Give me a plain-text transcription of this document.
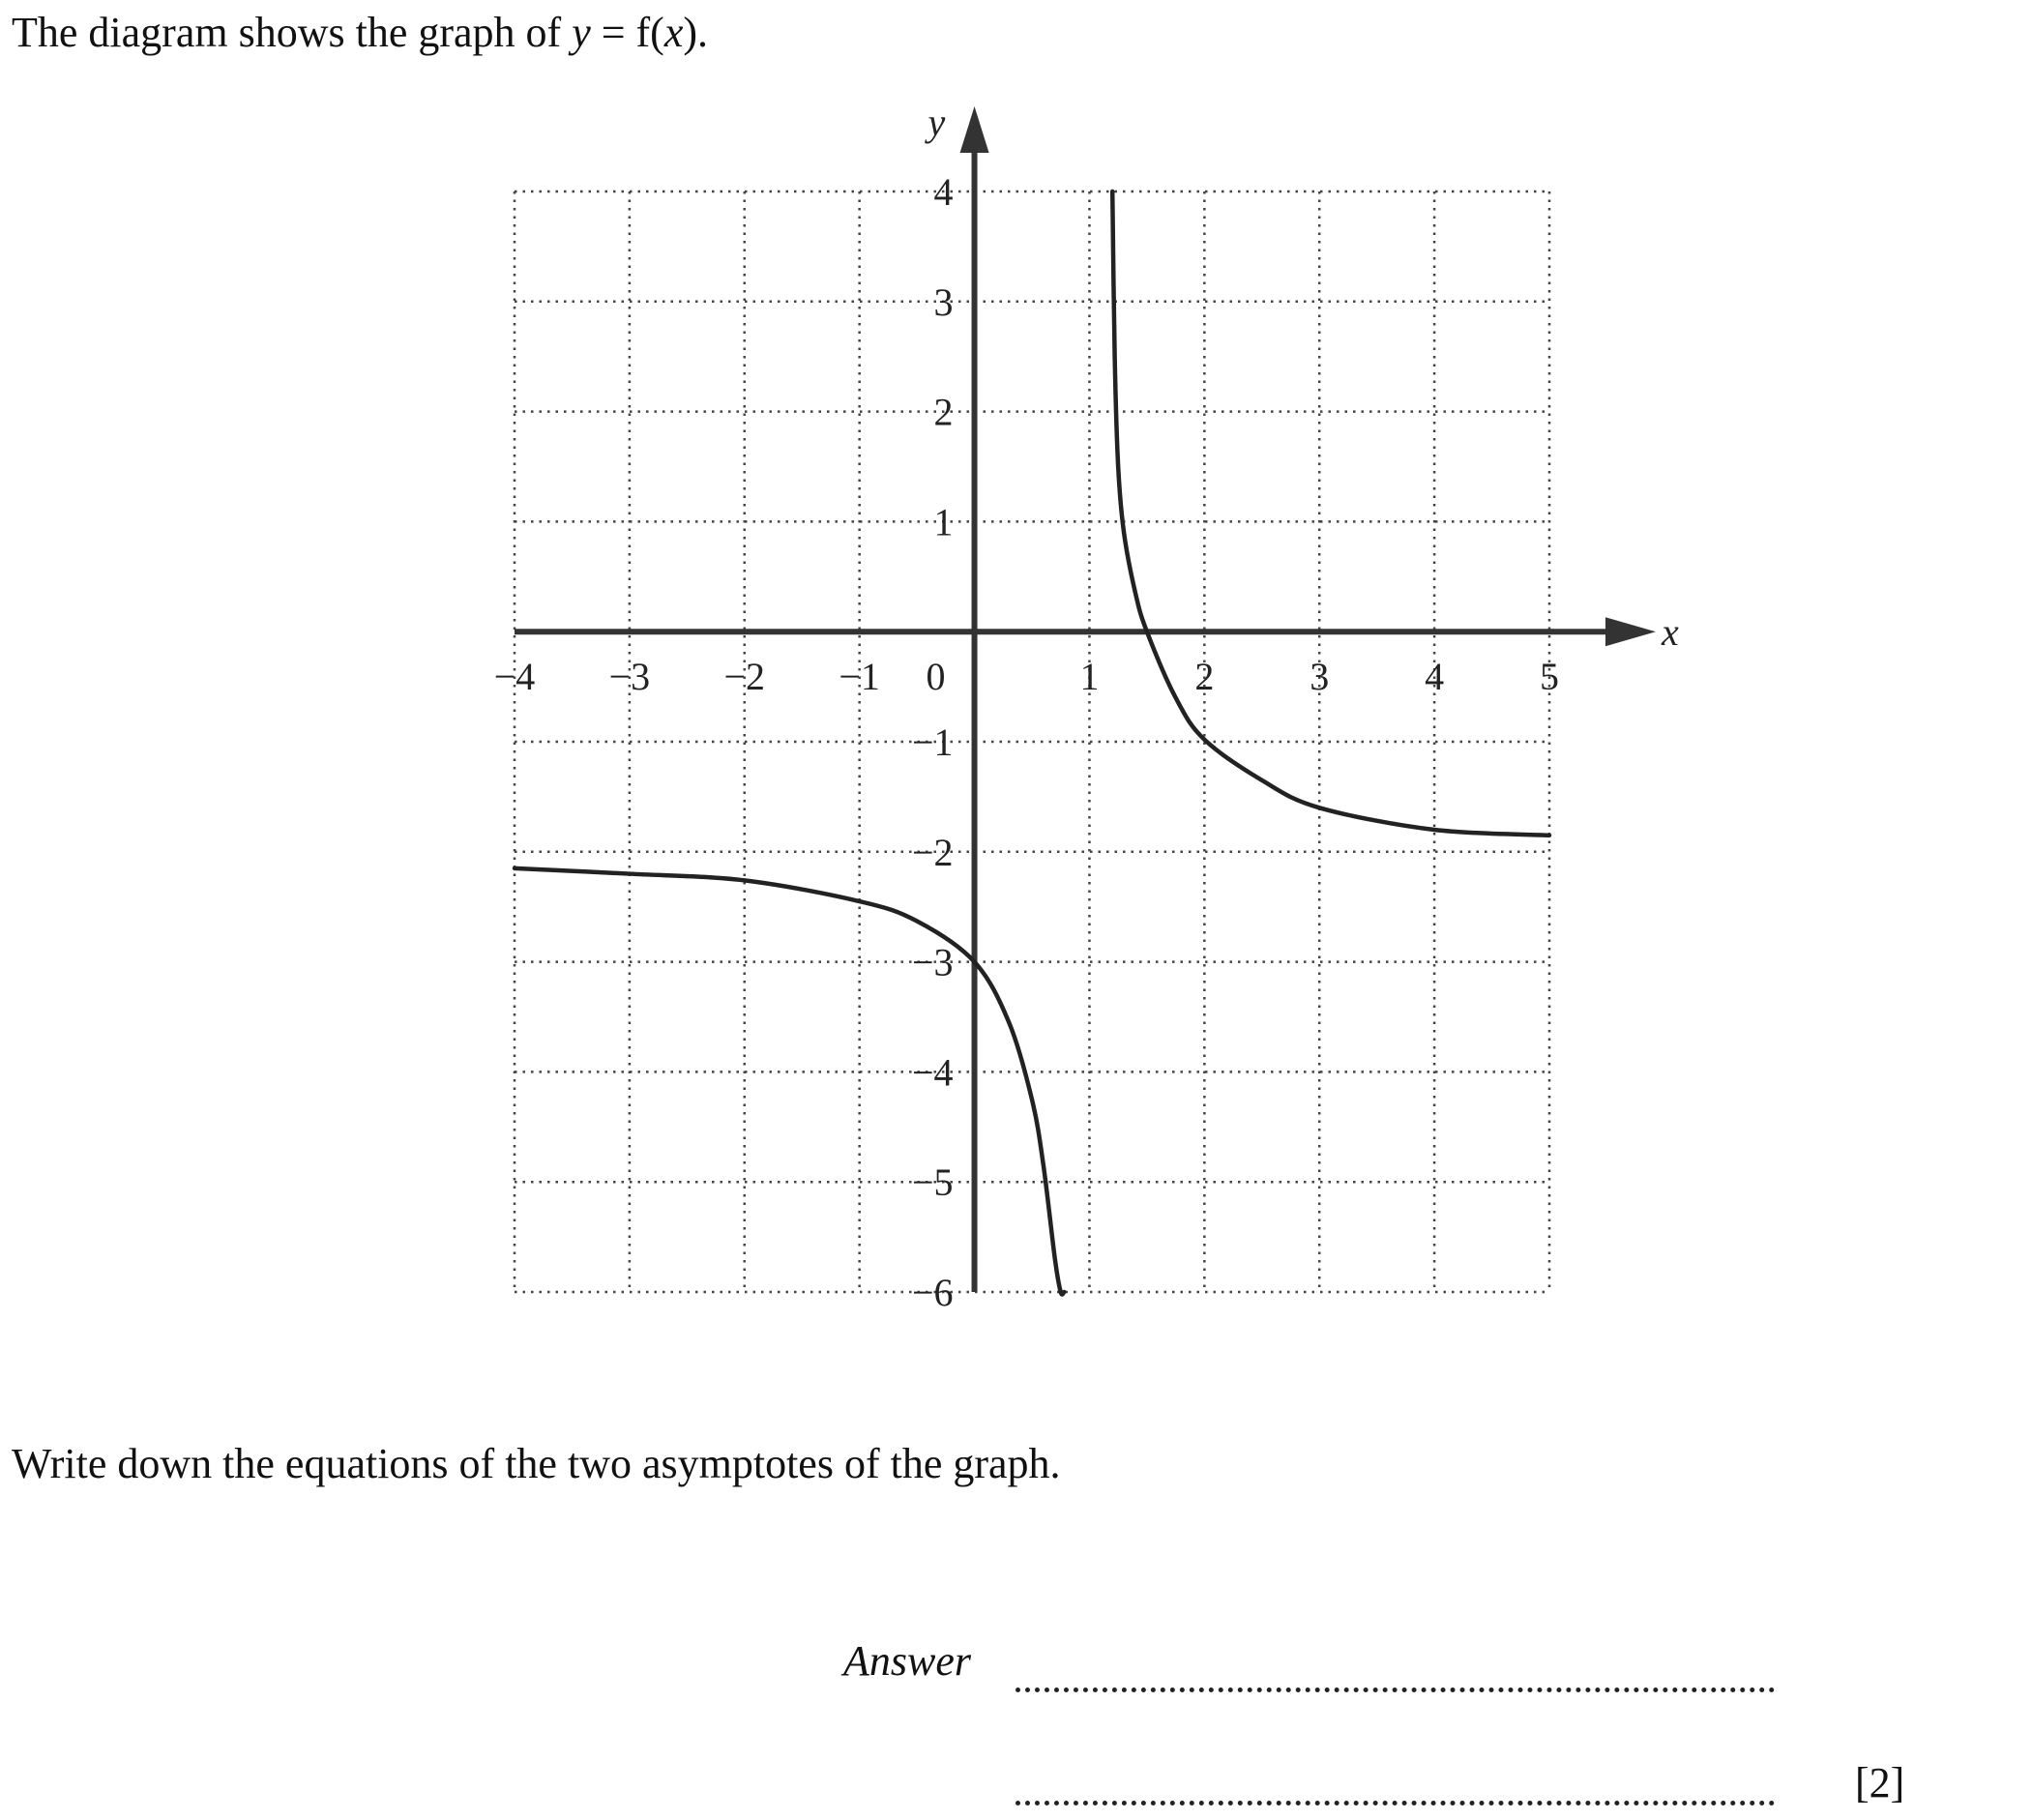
The diagram shows the graph of y = f(x).
x
y
−4 −3 −2 −1 0	1 2 3 4 5
4
3
2
1
−1
−2
−3
−4
−5
−6
Write down the equations of the two asymptotes of the graph.
Answer
[2]
